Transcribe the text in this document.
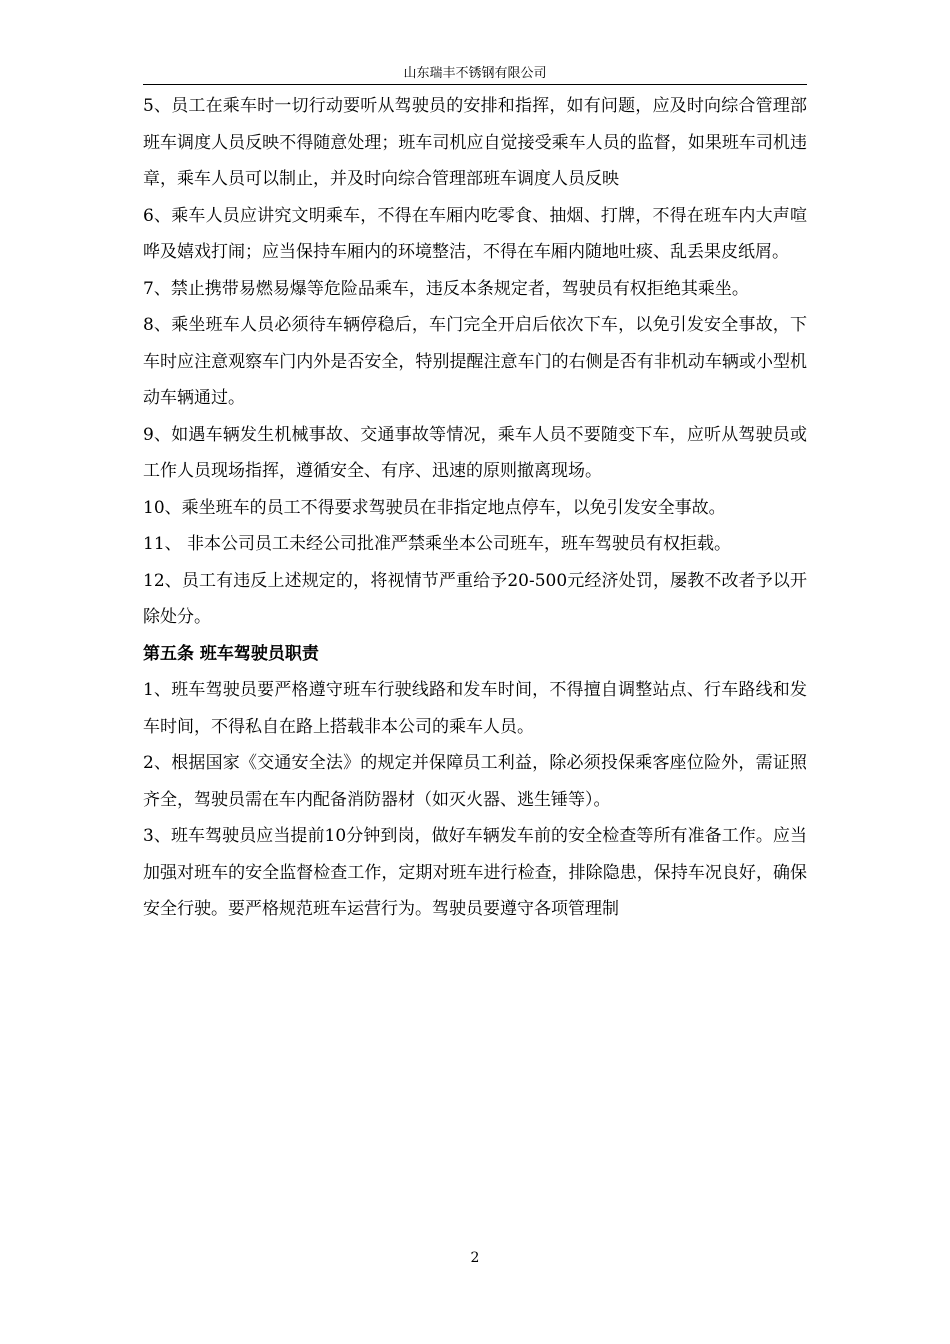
山东瑞丰不锈钢有限公司

5、员工在乘车时一切行动要听从驾驶员的安排和指挥，如有问题，应及时向综合管理部班车调度人员反映不得随意处理；班车司机应自觉接受乘车人员的监督，如果班车司机违章，乘车人员可以制止，并及时向综合管理部班车调度人员反映

6、乘车人员应讲究文明乘车，不得在车厢内吃零食、抽烟、打牌，不得在班车内大声喧哗及嬉戏打闹；应当保持车厢内的环境整洁，不得在车厢内随地吐痰、乱丢果皮纸屑。

7、禁止携带易燃易爆等危险品乘车，违反本条规定者，驾驶员有权拒绝其乘坐。

8、乘坐班车人员必须待车辆停稳后，车门完全开启后依次下车，以免引发安全事故，下车时应注意观察车门内外是否安全，特别提醒注意车门的右侧是否有非机动车辆或小型机动车辆通过。

9、如遇车辆发生机械事故、交通事故等情况，乘车人员不要随变下车，应听从驾驶员或工作人员现场指挥，遵循安全、有序、迅速的原则撤离现场。

10、乘坐班车的员工不得要求驾驶员在非指定地点停车，以免引发安全事故。

11、 非本公司员工未经公司批准严禁乘坐本公司班车，班车驾驶员有权拒载。

12、员工有违反上述规定的，将视情节严重给予20-500元经济处罚，屡教不改者予以开除处分。

第五条 班车驾驶员职责

1、班车驾驶员要严格遵守班车行驶线路和发车时间，不得擅自调整站点、行车路线和发车时间，不得私自在路上搭载非本公司的乘车人员。

2、根据国家《交通安全法》的规定并保障员工利益，除必须投保乘客座位险外，需证照齐全，驾驶员需在车内配备消防器材（如灭火器、逃生锤等）。

3、班车驾驶员应当提前10分钟到岗，做好车辆发车前的安全检查等所有准备工作。应当加强对班车的安全监督检查工作，定期对班车进行检查，排除隐患，保持车况良好，确保安全行驶。要严格规范班车运营行为。驾驶员要遵守各项管理制

2
